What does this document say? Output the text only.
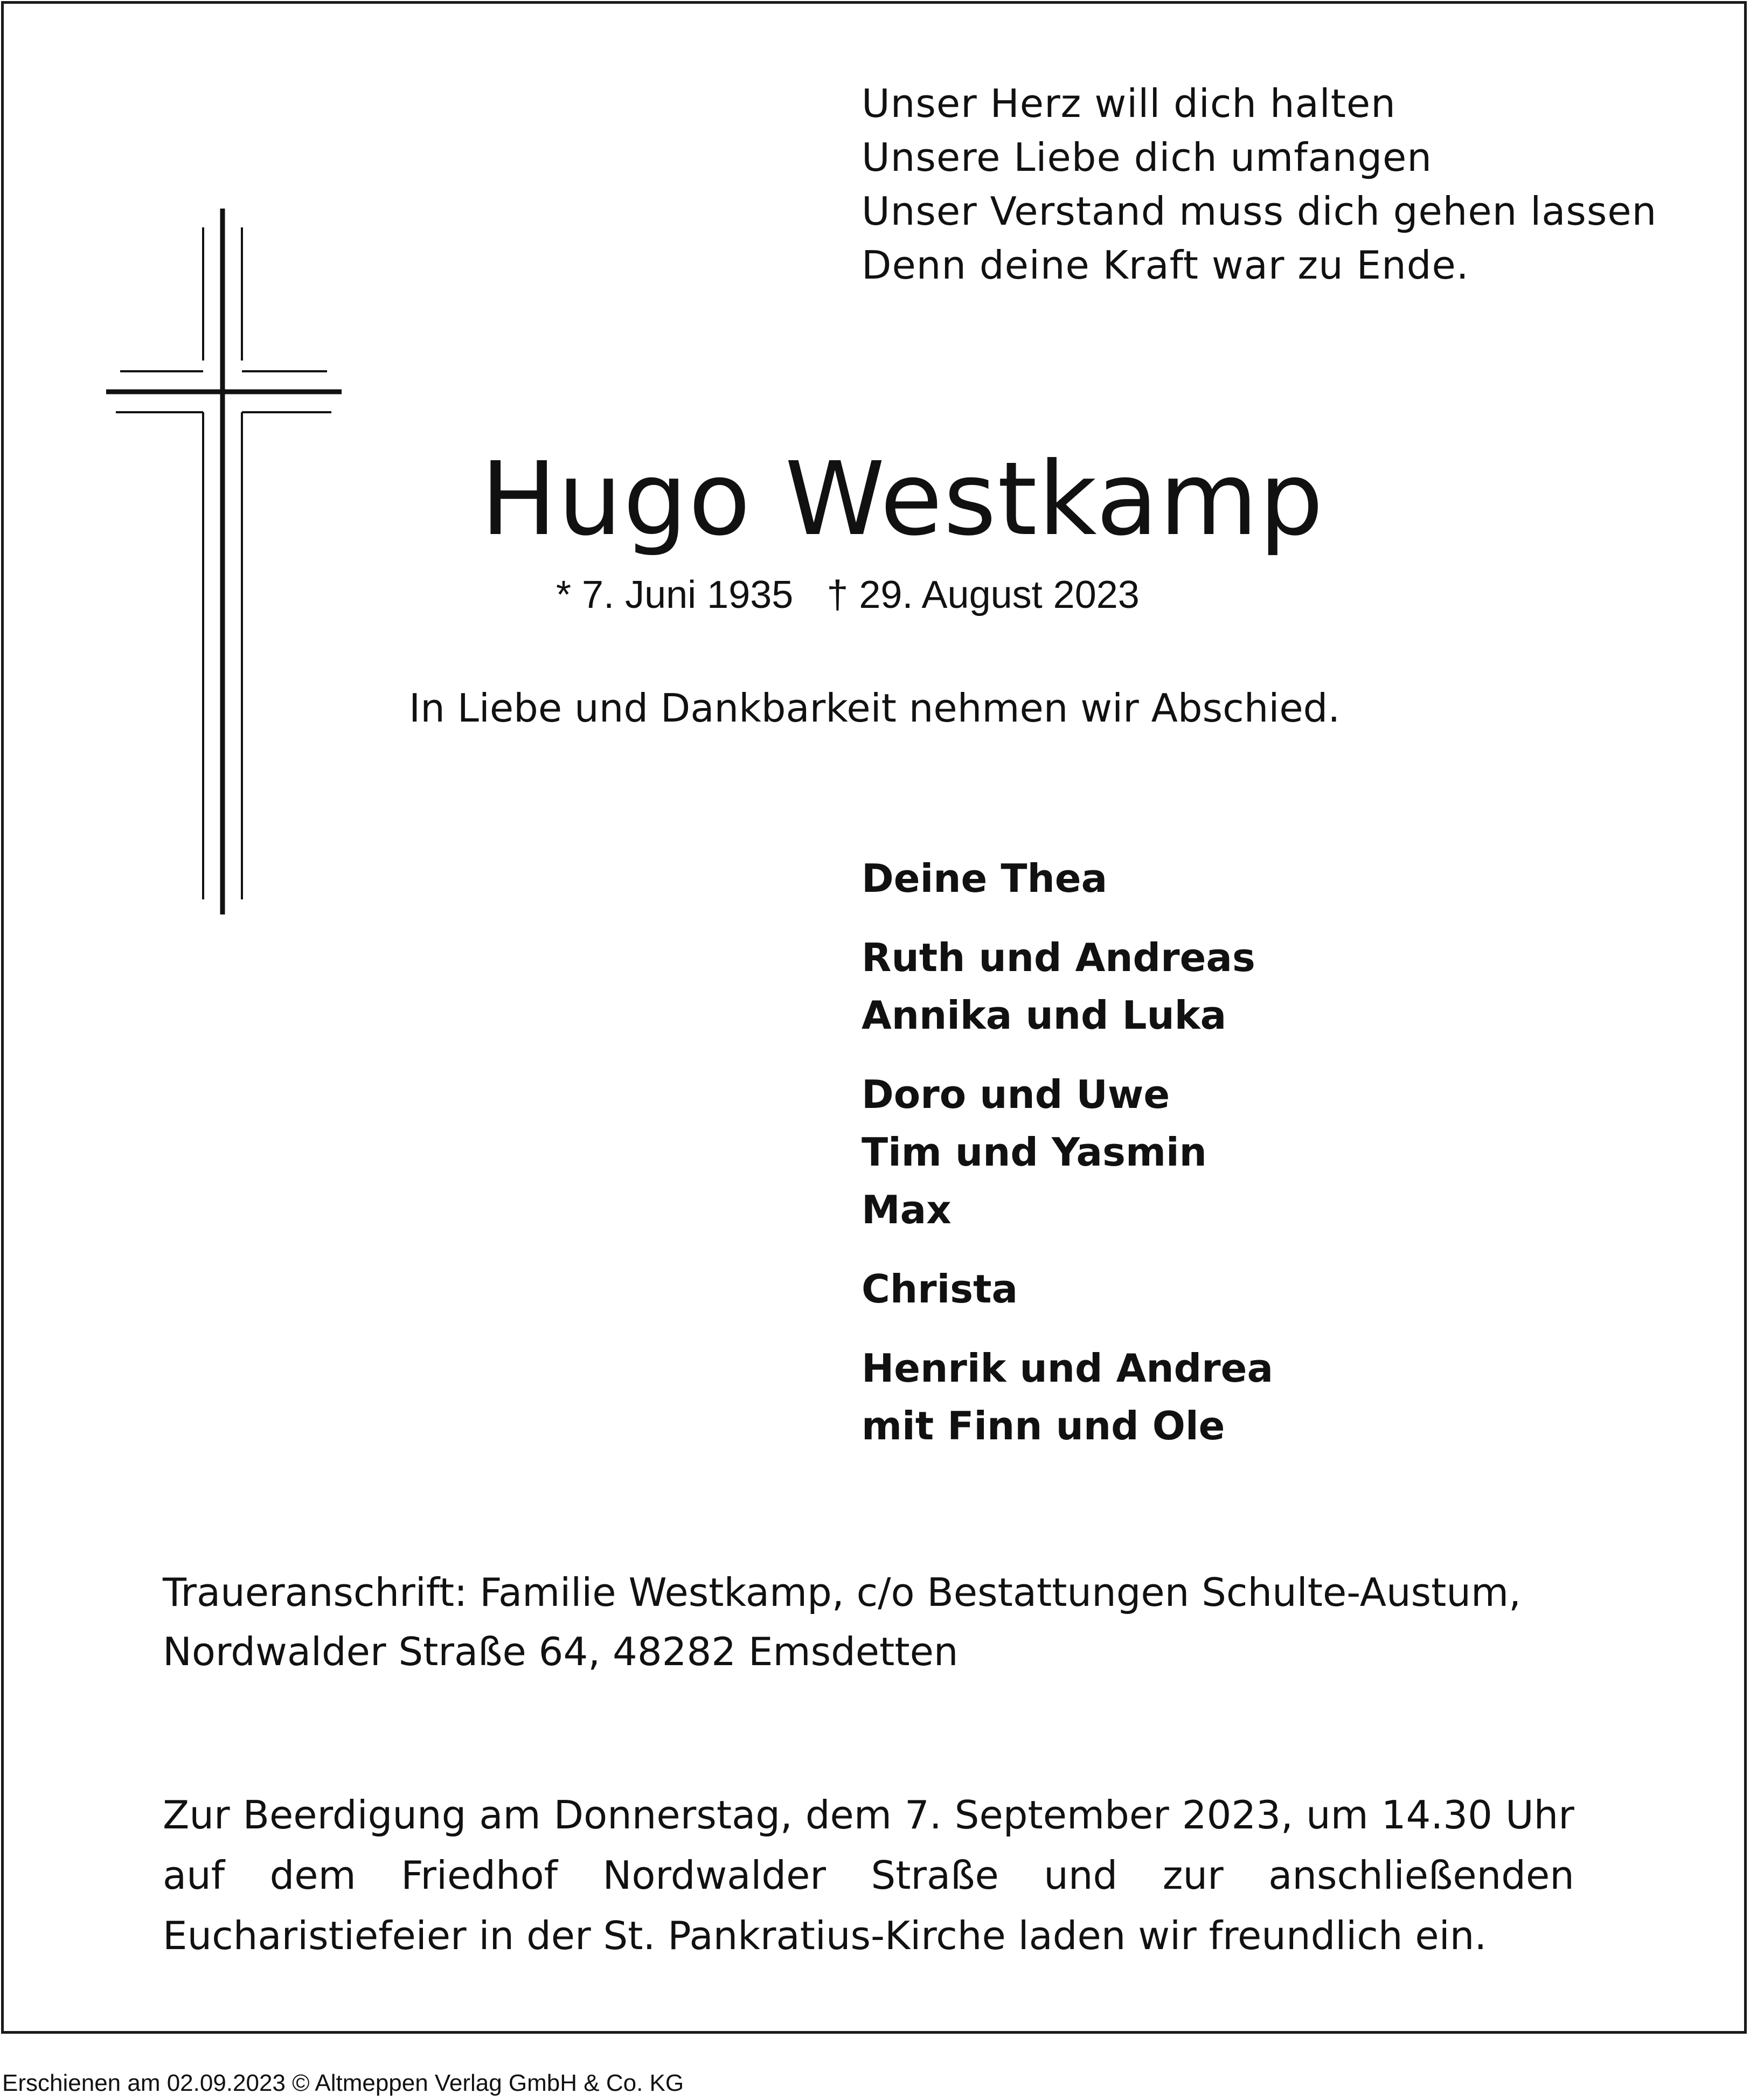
Unser Herz will dich halten
Unsere Liebe dich umfangen
Unser Verstand muss dich gehen lassen
Denn deine Kraft war zu Ende.
Hugo Westkamp
* 7. Juni 1935 † 29. August 2023
In Liebe und Dankbarkeit nehmen wir Abschied.
Deine Thea
Ruth und Andreas
Annika und Luka
Doro und Uwe
Tim und Yasmin
Max
Christa
Henrik und Andrea
mit Finn und Ole
Traueranschrift: Familie Westkamp, c/o Bestattungen Schulte-Austum,
Nordwalder Straße 64, 48282 Emsdetten
Zur Beerdigung am Donnerstag, dem 7. September 2023, um 14.30 Uhr
auf dem Friedhof Nordwalder Straße und zur anschließenden
Eucharistiefeier in der St. Pankratius-Kirche laden wir freundlich ein.
Erschienen am 02.09.2023 © Altmeppen Verlag GmbH & Co. KG
